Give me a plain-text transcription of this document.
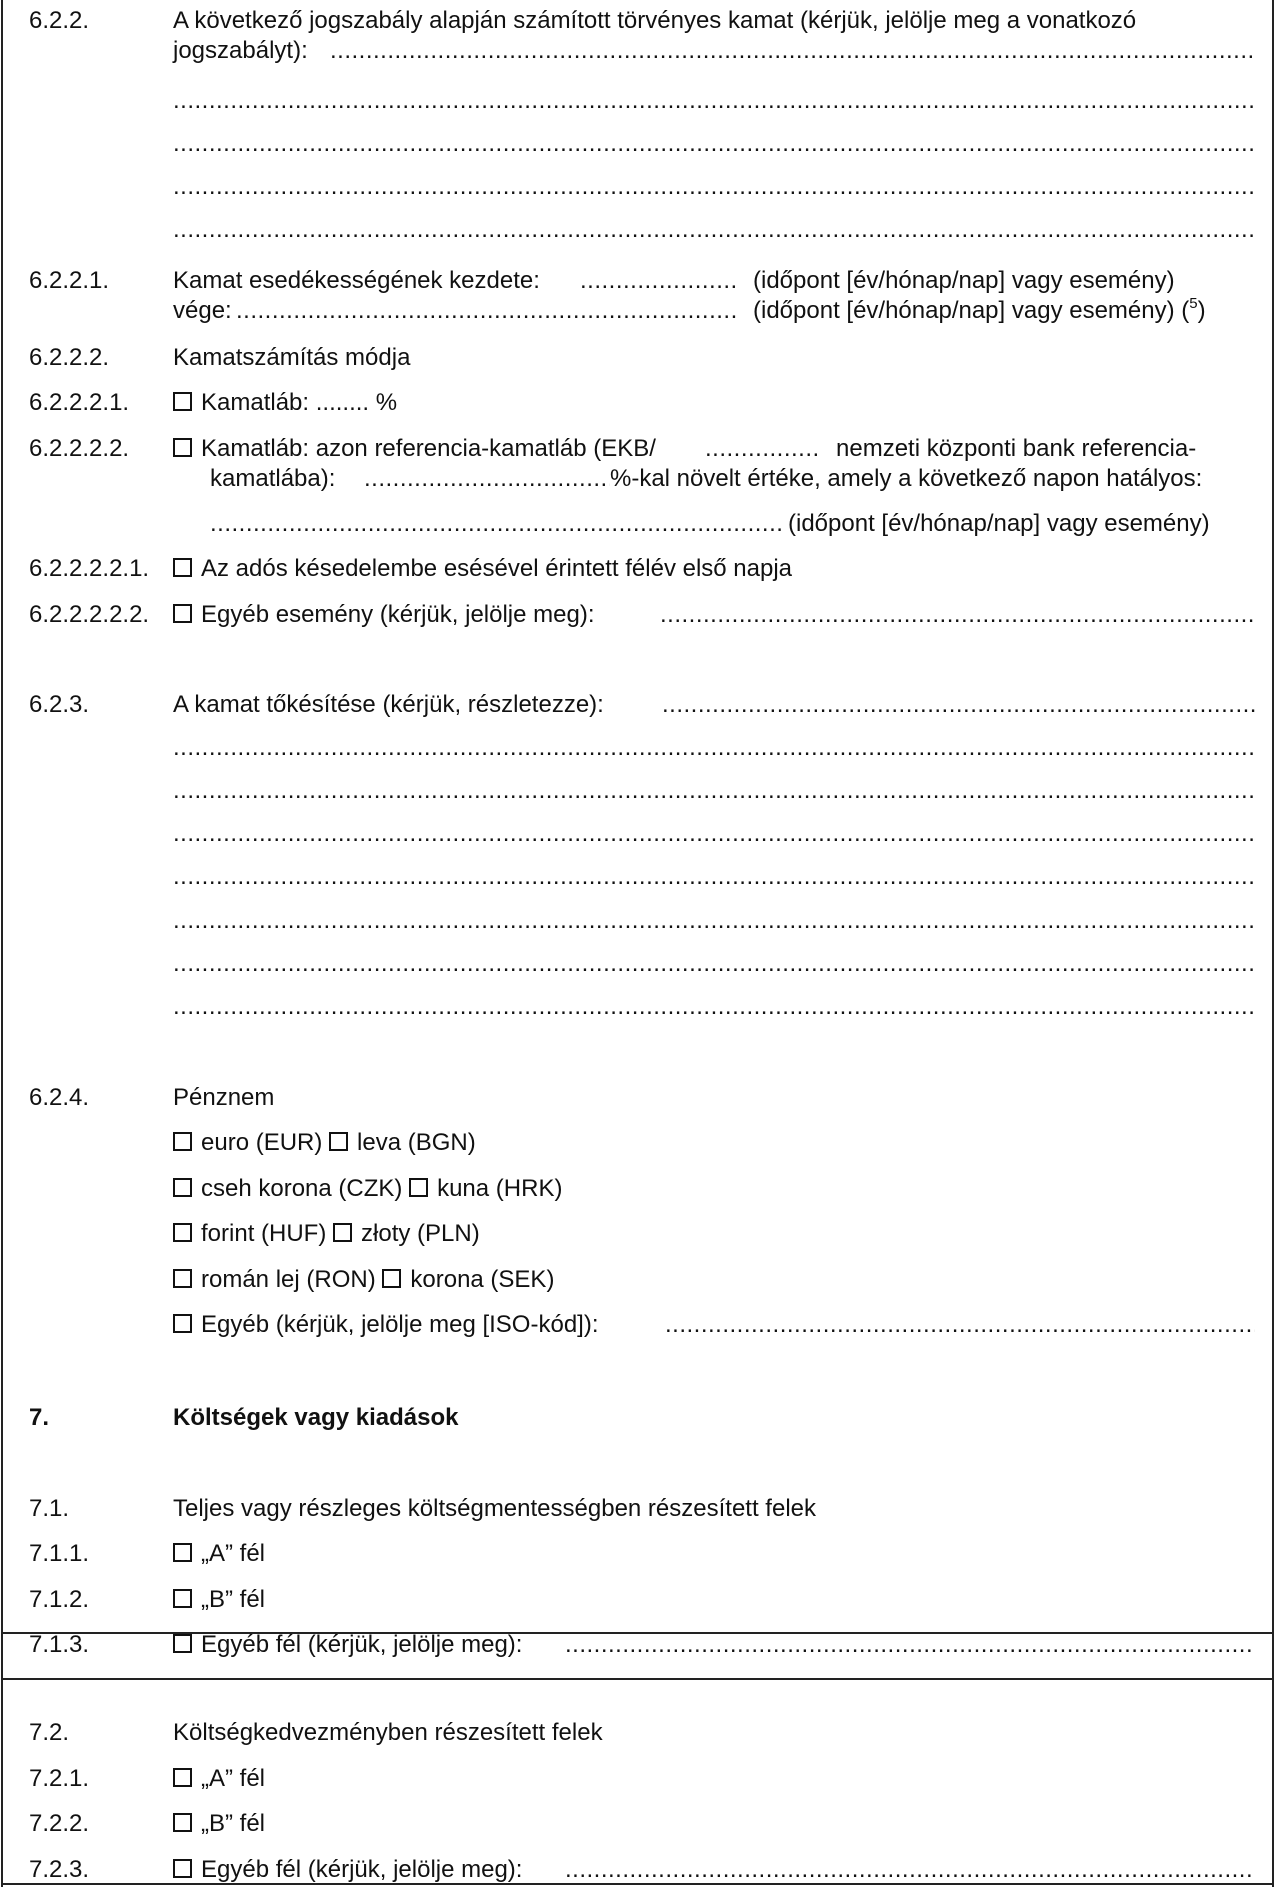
6.2.2.	A következő jogszabály alapján számított törvényes kamat (kérjük, jelölje meg a vonatkozó
jogszabályt):
.....
.....
.....
.....
.....
6.2.2.1.	Kamat esedékességének kezdete: .....	(időpont [év/hónap/nap] vagy esemény)
vége: .....	(időpont [év/hónap/nap] vagy esemény) ($^5$)
6.2.2.2.	Kamatszámítás módja
6.2.2.2.1.	Kamatláb: ........ %
6.2.2.2.2.	Kamatláb: azon referencia-kamatláb (EKB/ .....	nemzeti központi bank referencia-
kamatlába): .....	%-kal növelt értéke, amely a következő napon hatályos:
.....
(időpont [év/hónap/nap] vagy esemény)
6.2.2.2.2.1.	Az adós késedelembe esésével érintett félév első napja
6.2.2.2.2.2.	Egyéb esemény (kérjük, jelölje meg):
.....
6.2.3.	A kamat tőkésítése (kérjük, részletezze):
.....
.....
.....
.....
.....
.....
.....
.....
6.2.4.	Pénznem
euro (EUR) leva (BGN)
cseh korona (CZK) kuna (HRK)
forint (HUF) złoty (PLN)
román lej (RON) korona (SEK)
Egyéb (kérjük, jelölje meg [ISO-kód]):
.....
7.	Költségek vagy kiadások
7.1.	Teljes vagy részleges költségmentességben részesített felek
7.1.1.	„A” fél
7.1.2.	„B” fél
7.1.3.	Egyéb fél (kérjük, jelölje meg):
.....
7.2.	Költségkedvezményben részesített felek
7.2.1.	„A” fél
7.2.2.	„B” fél
7.2.3.	Egyéb fél (kérjük, jelölje meg):
.....
